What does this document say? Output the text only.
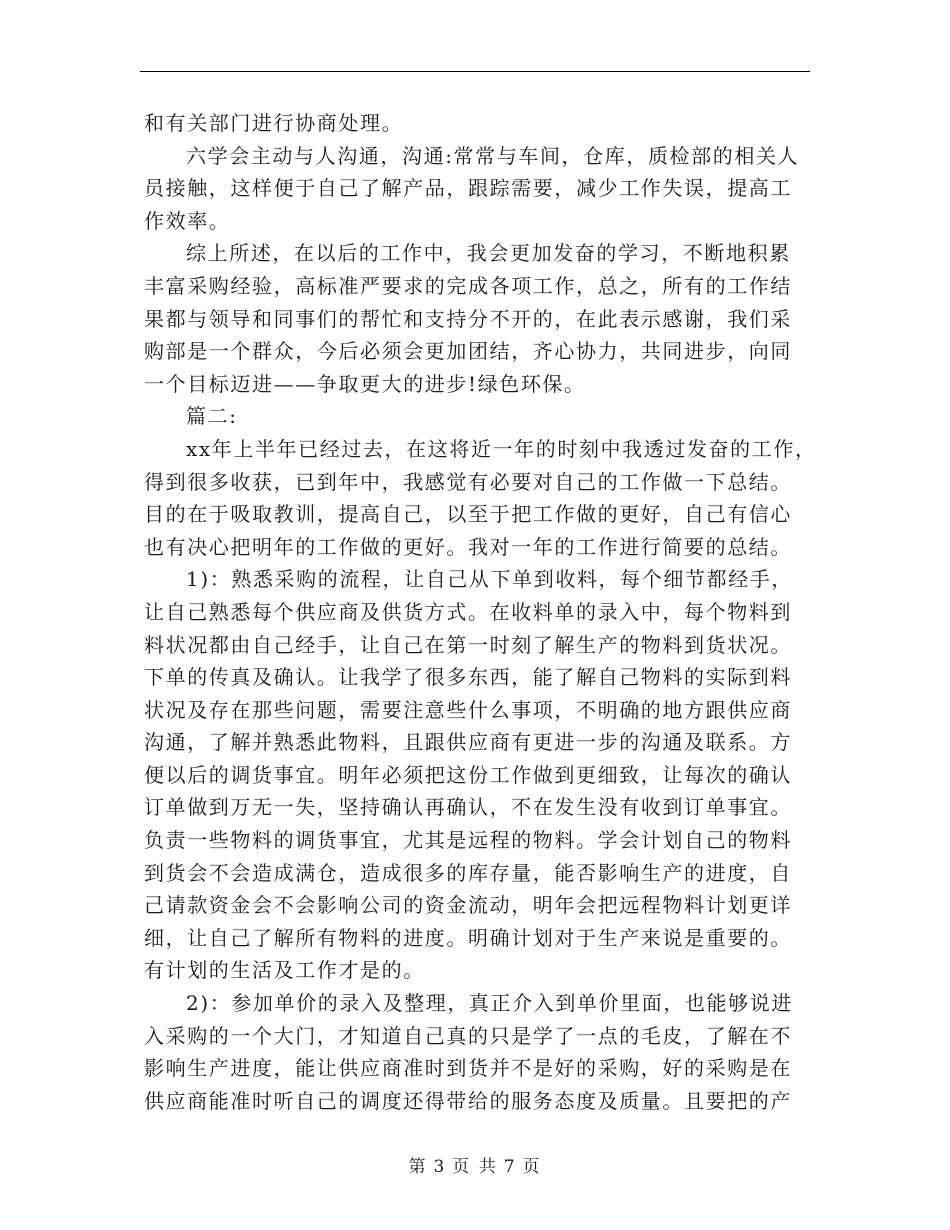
和有关部门进行协商处理。
六学会主动与人沟通，沟通:常常与车间，仓库，质检部的相关人
员接触，这样便于自己了解产品，跟踪需要，减少工作失误，提高工
作效率。
综上所述，在以后的工作中，我会更加发奋的学习，不断地积累
丰富采购经验，高标准严要求的完成各项工作，总之，所有的工作结
果都与领导和同事们的帮忙和支持分不开的，在此表示感谢，我们采
购部是一个群众，今后必须会更加团结，齐心协力，共同进步，向同
一个目标迈进——争取更大的进步!绿色环保。
篇二:
xx年上半年已经过去，在这将近一年的时刻中我透过发奋的工作，
得到很多收获，已到年中，我感觉有必要对自己的工作做一下总结。
目的在于吸取教训，提高自己，以至于把工作做的更好，自己有信心
也有决心把明年的工作做的更好。我对一年的工作进行简要的总结。
1)：熟悉采购的流程，让自己从下单到收料，每个细节都经手，
让自己熟悉每个供应商及供货方式。在收料单的录入中，每个物料到
料状况都由自己经手，让自己在第一时刻了解生产的物料到货状况。
下单的传真及确认。让我学了很多东西，能了解自己物料的实际到料
状况及存在那些问题，需要注意些什么事项，不明确的地方跟供应商
沟通，了解并熟悉此物料，且跟供应商有更进一步的沟通及联系。方
便以后的调货事宜。明年必须把这份工作做到更细致，让每次的确认
订单做到万无一失，坚持确认再确认，不在发生没有收到订单事宜。
负责一些物料的调货事宜，尤其是远程的物料。学会计划自己的物料
到货会不会造成满仓，造成很多的库存量，能否影响生产的进度，自
己请款资金会不会影响公司的资金流动，明年会把远程物料计划更详
细，让自己了解所有物料的进度。明确计划对于生产来说是重要的。
有计划的生活及工作才是的。
2)：参加单价的录入及整理，真正介入到单价里面，也能够说进
入采购的一个大门，才知道自己真的只是学了一点的毛皮，了解在不
影响生产进度，能让供应商准时到货并不是好的采购，好的采购是在
供应商能准时听自己的调度还得带给的服务态度及质量。且要把的产
第 3 页 共 7 页
